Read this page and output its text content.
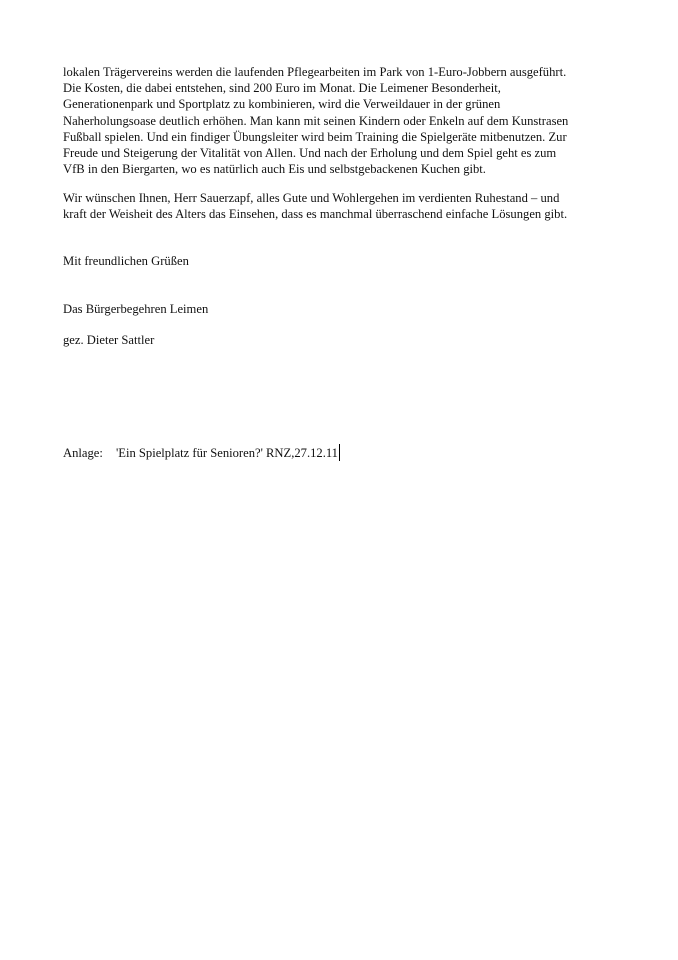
lokalen Trägervereins werden die laufenden Pflegearbeiten im Park von 1-Euro-Jobbern ausgeführt.
Die Kosten, die dabei entstehen, sind 200 Euro im Monat. Die Leimener Besonderheit,
Generationenpark und Sportplatz zu kombinieren, wird die Verweildauer in der grünen
Naherholungsoase deutlich erhöhen. Man kann mit seinen Kindern oder Enkeln auf dem Kunstrasen
Fußball spielen. Und ein findiger Übungsleiter wird beim Training die Spielgeräte mitbenutzen. Zur
Freude und Steigerung der Vitalität von Allen. Und nach der Erholung und dem Spiel geht es zum
VfB in den Biergarten, wo es natürlich auch Eis und selbstgebackenen Kuchen gibt.
Wir wünschen Ihnen, Herr Sauerzapf, alles Gute und Wohlergehen im verdienten Ruhestand – und
kraft der Weisheit des Alters das Einsehen, dass es manchmal überraschend einfache Lösungen gibt.
Mit freundlichen Grüßen
Das Bürgerbegehren Leimen
gez. Dieter Sattler
Anlage: 'Ein Spielplatz für Senioren?' RNZ,27.12.11
